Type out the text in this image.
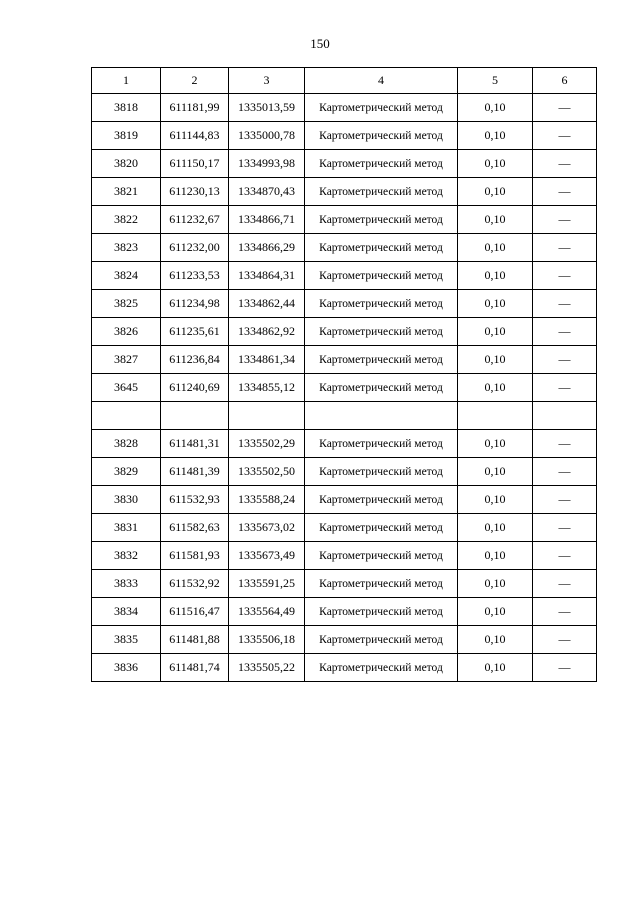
150
1	2	3	4	5	6
3818	611181,99	1335013,59	Картометрический метод	0,10	—
3819	611144,83	1335000,78	Картометрический метод	0,10	—
3820	611150,17	1334993,98	Картометрический метод	0,10	—
3821	611230,13	1334870,43	Картометрический метод	0,10	—
3822	611232,67	1334866,71	Картометрический метод	0,10	—
3823	611232,00	1334866,29	Картометрический метод	0,10	—
3824	611233,53	1334864,31	Картометрический метод	0,10	—
3825	611234,98	1334862,44	Картометрический метод	0,10	—
3826	611235,61	1334862,92	Картометрический метод	0,10	—
3827	611236,84	1334861,34	Картометрический метод	0,10	—
3645	611240,69	1334855,12	Картометрический метод	0,10	—

3828	611481,31	1335502,29	Картометрический метод	0,10	—
3829	611481,39	1335502,50	Картометрический метод	0,10	—
3830	611532,93	1335588,24	Картометрический метод	0,10	—
3831	611582,63	1335673,02	Картометрический метод	0,10	—
3832	611581,93	1335673,49	Картометрический метод	0,10	—
3833	611532,92	1335591,25	Картометрический метод	0,10	—
3834	611516,47	1335564,49	Картометрический метод	0,10	—
3835	611481,88	1335506,18	Картометрический метод	0,10	—
3836	611481,74	1335505,22	Картометрический метод	0,10	—
